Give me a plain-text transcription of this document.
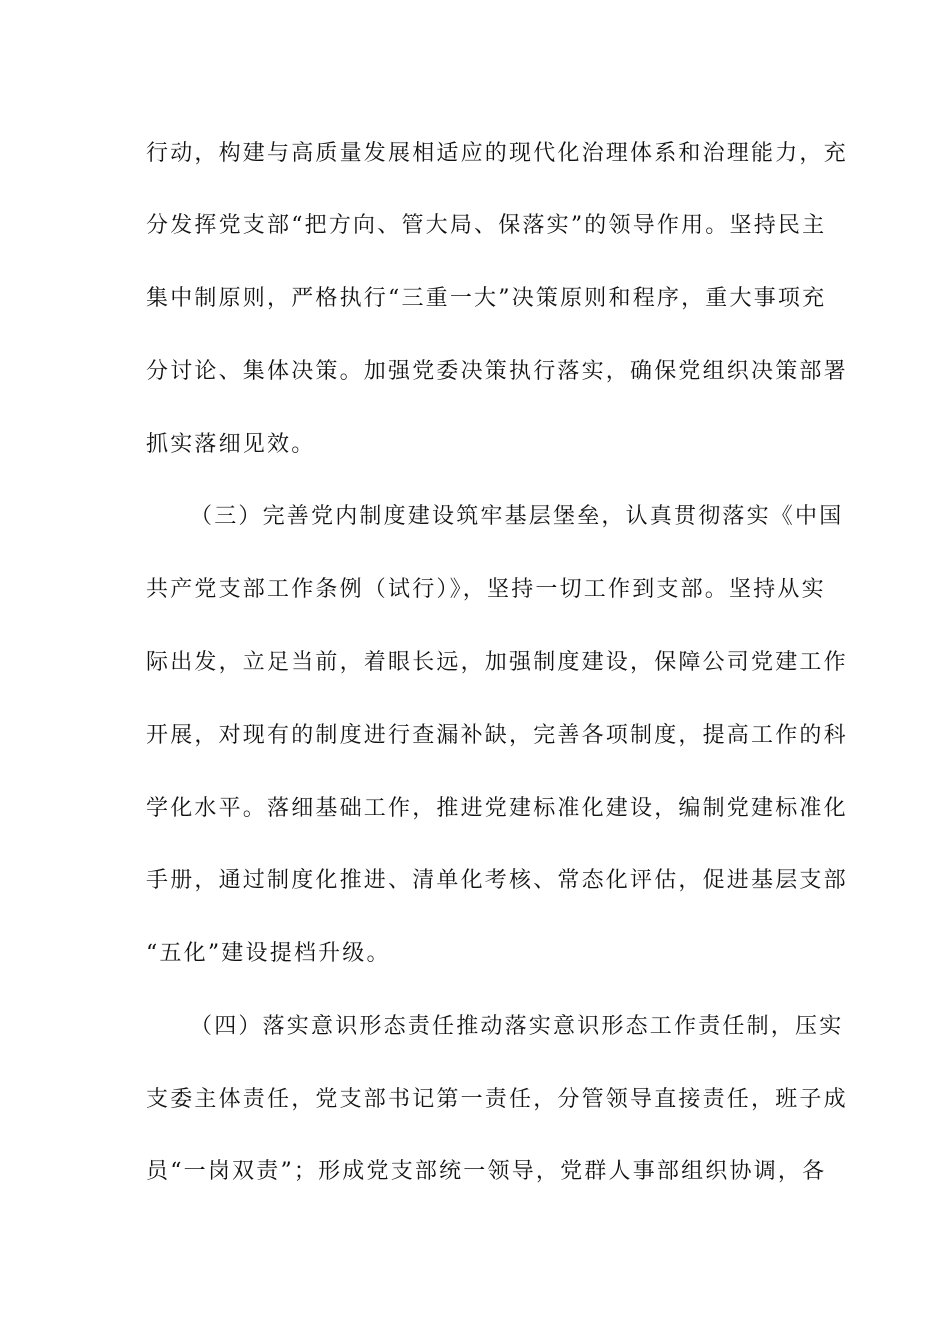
行动，构建与高质量发展相适应的现代化治理体系和治理能力，充
分发挥党支部“把方向、管大局、保落实”的领导作用。坚持民主
集中制原则，严格执行“三重一大”决策原则和程序，重大事项充
分讨论、集体决策。加强党委决策执行落实，确保党组织决策部署
抓实落细见效。
（三）完善党内制度建设筑牢基层堡垒，认真贯彻落实《中国
共产党支部工作条例（试行）》，坚持一切工作到支部。坚持从实
际出发，立足当前，着眼长远，加强制度建设，保障公司党建工作
开展，对现有的制度进行查漏补缺，完善各项制度，提高工作的科
学化水平。落细基础工作，推进党建标准化建设，编制党建标准化
手册，通过制度化推进、清单化考核、常态化评估，促进基层支部
“五化”建设提档升级。
（四）落实意识形态责任推动落实意识形态工作责任制，压实
支委主体责任，党支部书记第一责任，分管领导直接责任，班子成
员“一岗双责”；形成党支部统一领导，党群人事部组织协调，各
